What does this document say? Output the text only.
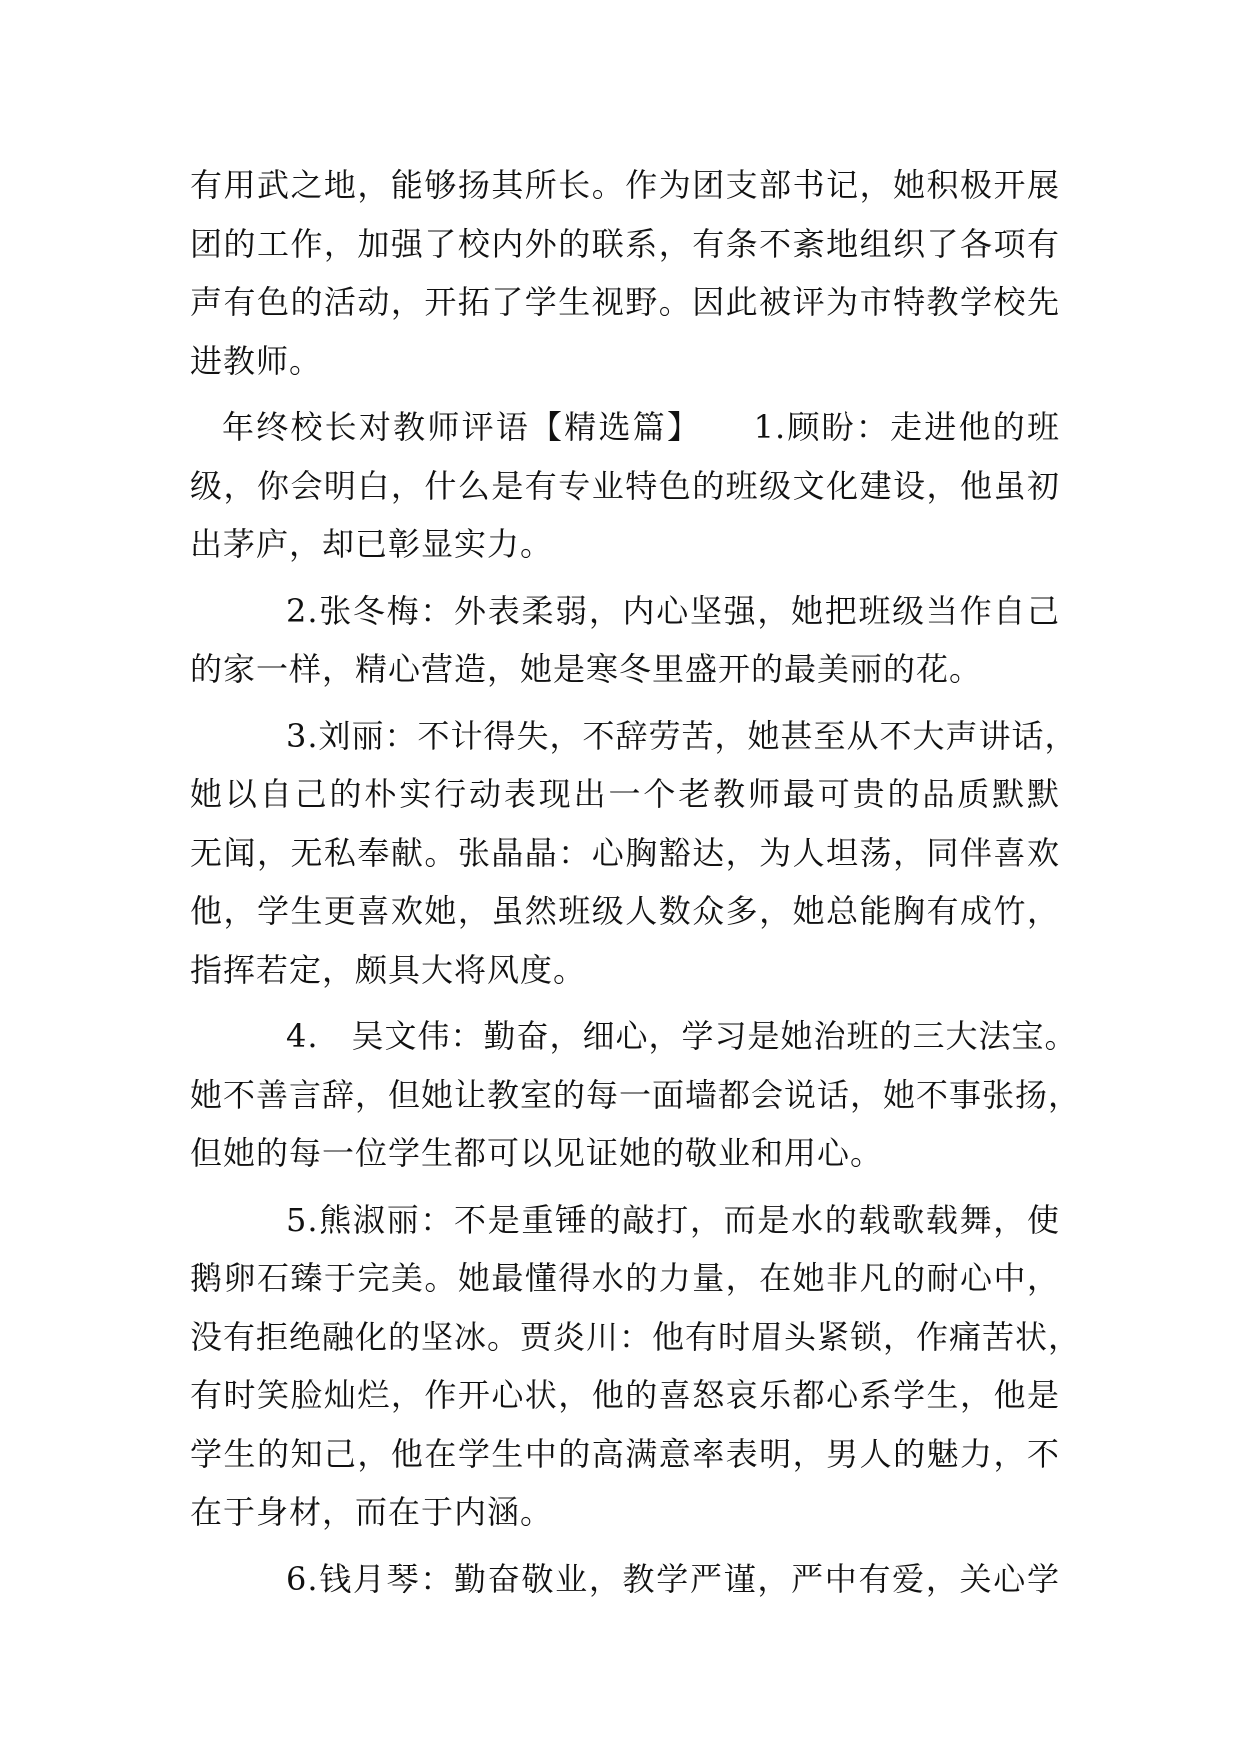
有用武之地，能够扬其所长。作为团支部书记，她积极开展
团的工作，加强了校内外的联系，有条不紊地组织了各项有
声有色的活动，开拓了学生视野。因此被评为市特教学校先
进教师。
年终校长对教师评语【精选篇】　　1.顾盼：走进他的班
级，你会明白，什么是有专业特色的班级文化建设，他虽初
出茅庐，却已彰显实力。
2.张冬梅：外表柔弱，内心坚强，她把班级当作自己
的家一样，精心营造，她是寒冬里盛开的最美丽的花。
3.刘丽：不计得失，不辞劳苦，她甚至从不大声讲话，
她以自己的朴实行动表现出一个老教师最可贵的品质默默
无闻，无私奉献。张晶晶：心胸豁达，为人坦荡，同伴喜欢
他，学生更喜欢她，虽然班级人数众多，她总能胸有成竹，
指挥若定，颇具大将风度。
4.　吴文伟：勤奋，细心，学习是她治班的三大法宝。
她不善言辞，但她让教室的每一面墙都会说话，她不事张扬，
但她的每一位学生都可以见证她的敬业和用心。
5.熊淑丽：不是重锤的敲打，而是水的载歌载舞，使
鹅卵石臻于完美。她最懂得水的力量，在她非凡的耐心中，
没有拒绝融化的坚冰。贾炎川：他有时眉头紧锁，作痛苦状，
有时笑脸灿烂，作开心状，他的喜怒哀乐都心系学生，他是
学生的知己，他在学生中的高满意率表明，男人的魅力，不
在于身材，而在于内涵。
6.钱月琴：勤奋敬业，教学严谨，严中有爱，关心学
